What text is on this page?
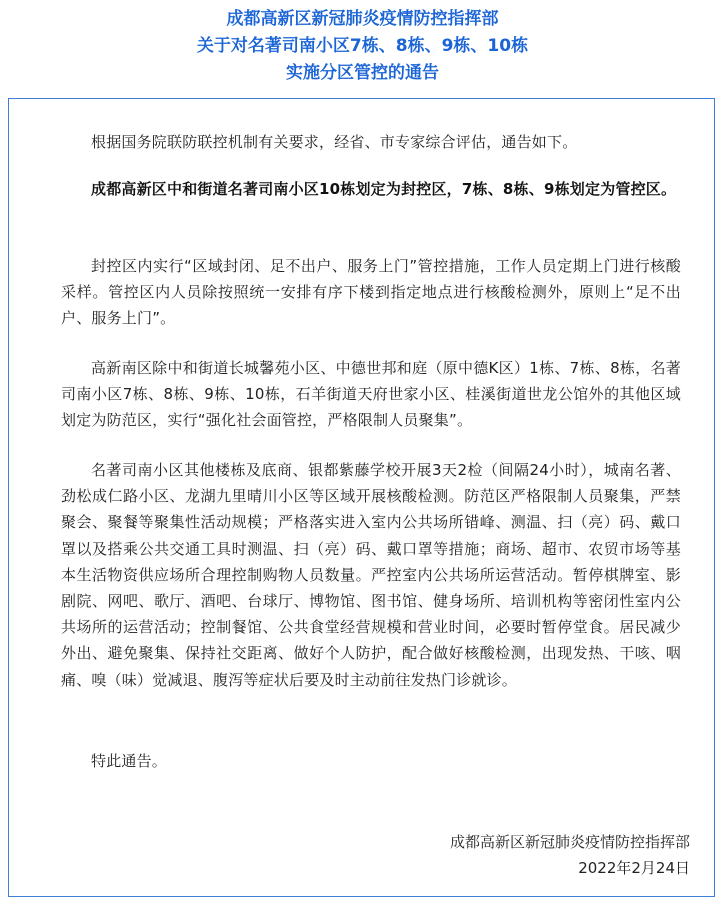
成都高新区新冠肺炎疫情防控指挥部
关于对名著司南小区7栋、8栋、9栋、10栋
实施分区管控的通告

根据国务院联防联控机制有关要求，经省、市专家综合评估，通告如下。

成都高新区中和街道名著司南小区10栋划定为封控区，7栋、8栋、9栋划定为管控区。

封控区内实行“区域封闭、足不出户、服务上门”管控措施，工作人员定期上门进行核酸采样。管控区内人员除按照统一安排有序下楼到指定地点进行核酸检测外，原则上“足不出户、服务上门”。

高新南区除中和街道长城馨苑小区、中德世邦和庭（原中德K区）1栋、7栋、8栋，名著司南小区7栋、8栋、9栋、10栋，石羊街道天府世家小区、桂溪街道世龙公馆外的其他区域划定为防范区，实行“强化社会面管控，严格限制人员聚集”。

名著司南小区其他楼栋及底商、银都紫藤学校开展3天2检（间隔24小时），城南名著、劲松成仁路小区、龙湖九里晴川小区等区域开展核酸检测。防范区严格限制人员聚集，严禁聚会、聚餐等聚集性活动规模；严格落实进入室内公共场所错峰、测温、扫（亮）码、戴口罩以及搭乘公共交通工具时测温、扫（亮）码、戴口罩等措施；商场、超市、农贸市场等基本生活物资供应场所合理控制购物人员数量。严控室内公共场所运营活动。暂停棋牌室、影剧院、网吧、歌厅、酒吧、台球厅、博物馆、图书馆、健身场所、培训机构等密闭性室内公共场所的运营活动；控制餐馆、公共食堂经营规模和营业时间，必要时暂停堂食。居民减少外出、避免聚集、保持社交距离、做好个人防护，配合做好核酸检测，出现发热、干咳、咽痛、嗅（味）觉减退、腹泻等症状后要及时主动前往发热门诊就诊。

特此通告。

成都高新区新冠肺炎疫情防控指挥部
2022年2月24日
